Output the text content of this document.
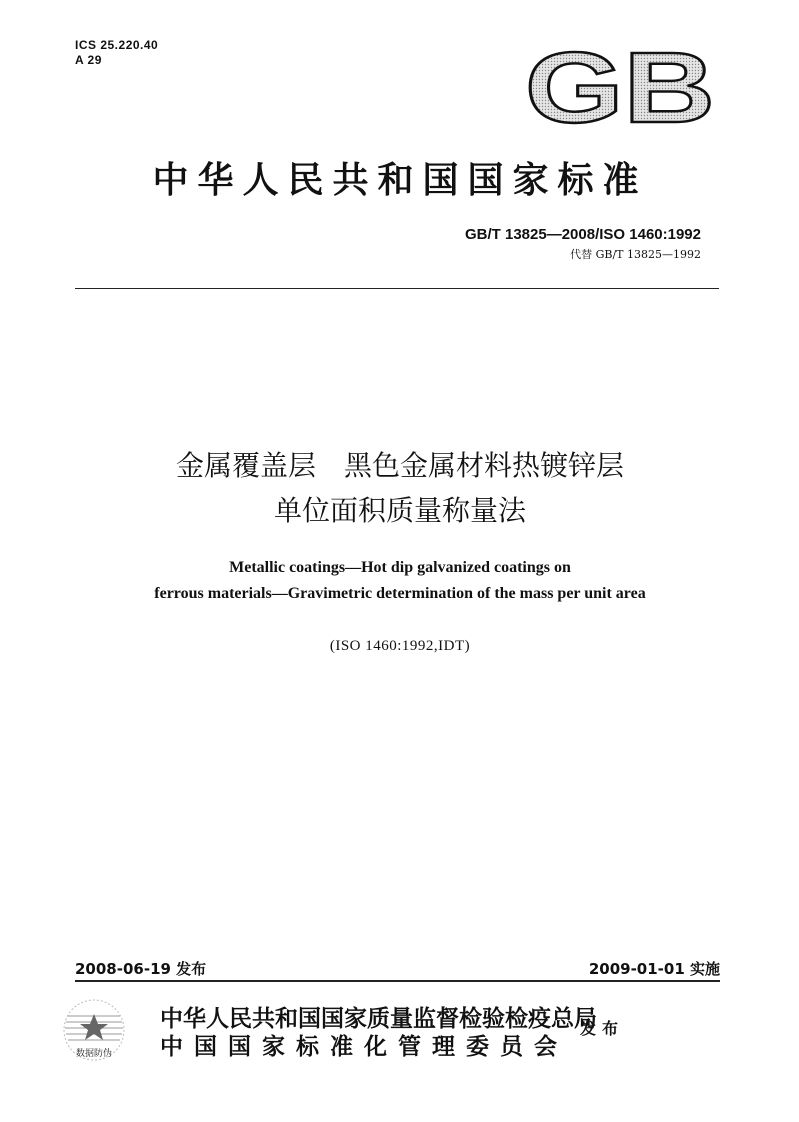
ICS 25.220.40
A 29	GB
中华人民共和国国家标准
GB/T 13825—2008/ISO 1460:1992
代替 GB/T 13825—1992
金属覆盖层　黑色金属材料热镀锌层
单位面积质量称量法
Metallic coatings—Hot dip galvanized coatings on
ferrous materials—Gravimetric determination of the mass per unit area
(ISO 1460:1992,IDT)
2008-06-19 发布	2009-01-01 实施
数据防伪
中华人民共和国国家质量监督检验检疫总局
中国国家标准化管理委员会
发布
